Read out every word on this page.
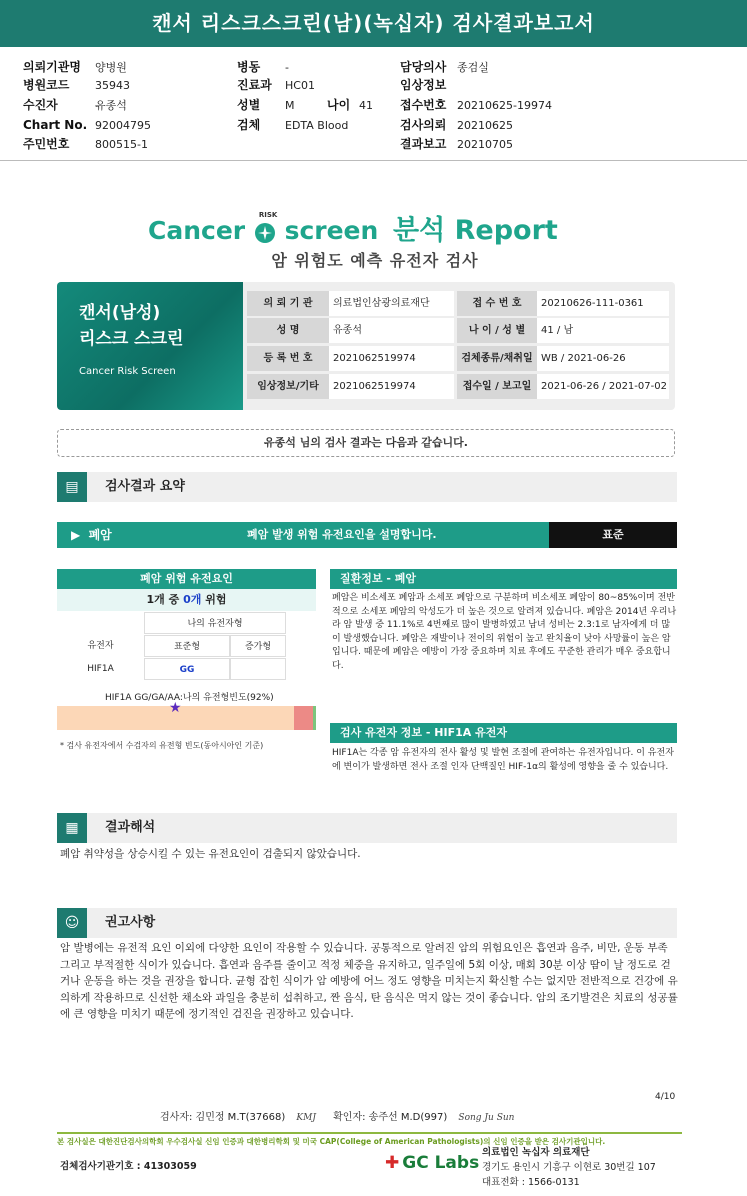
캔서 리스크스크린(남)(녹십자) 검사결과보고서
의뢰기관명 양병원
병원코드 35943
수진자	유종석
Chart No. 92004795
주민번호 800515-1
병동 -
진료과 HC01
성별 M	나이 41
검체 EDTA Blood
담당의사 종검실
임상정보
접수번호 20210625-19974
검사의뢰 20210625
결과보고 20210705
Cancer
RISK
screen 분석 Report
암 위험도 예측 유전자 검사
캔서(남성)
리스크 스크린
Cancer Risk Screen
의 뢰 기 관	의료법인삼광의료재단	접 수 번 호	20210626-111-0361
성 명	유종석	나 이 / 성 별	41 / 남
등 록 번 호	2021062519974	검체종류/채취일 WB / 2021-06-26
임상정보/기타	2021062519974	접수일 / 보고일 2021-06-26 / 2021-07-02
유종석 님의 검사 결과는 다음과 같습니다.
▤	검사결과 요약
▶ 폐암	폐암 발생 위험 유전요인을 설명합니다.	표준
폐암 위험 유전요인
1개 중 0개 위험
나의 유전자형
유전자	표준형	증가형
HIF1A	GG
HIF1A GG/GA/AA:나의 유전형빈도(92%)
★
* 검사 유전자에서 수검자의 유전형 빈도(동아시아인 기준)
질환정보 - 폐암
폐암은 비소세포 폐암과 소세포 폐암으로 구분하며 비소세포 폐암이 80~85%이며 전반적으로 소세포 폐암의 악성도가 더 높은 것으로 알려져 있습니다. 폐암은 2014년 우리나라 암 발생 중 11.1%로 4번째로 많이 발병하였고 남녀 성비는 2.3:1로 남자에게 더 많이 발생했습니다. 폐암은 재발이나 전이의 위험이 높고 완치율이 낮아 사망률이 높은 암입니다. 때문에 폐암은 예방이 가장 중요하며 치료 후에도 꾸준한 관리가 매우 중요합니다.
검사 유전자 정보 - HIF1A 유전자
HIF1A는 각종 암 유전자의 전사 활성 및 발현 조절에 관여하는 유전자입니다. 이 유전자에 변이가 발생하면 전사 조절 인자 단백질인 HIF-1α의 활성에 영향을 줄 수 있습니다.
▦	결과해석
폐암 취약성을 상승시킬 수 있는 유전요인이 검출되지 않았습니다.
☺	권고사항
암 발병에는 유전적 요인 이외에 다양한 요인이 작용할 수 있습니다. 공통적으로 알려진 암의 위험요인은 흡연과 음주, 비만, 운동 부족 그리고 부적절한 식이가 있습니다. 흡연과 음주를 줄이고 적정 체중을 유지하고, 일주일에 5회 이상, 매회 30분 이상 땀이 날 정도로 걷거나 운동을 하는 것을 권장을 합니다. 균형 잡힌 식이가 암 예방에 어느 정도 영향을 미치는지 확신할 수는 없지만 전반적으로 건강에 유의하게 작용하므로 신선한 채소와 과일을 충분히 섭취하고, 짠 음식, 탄 음식은 먹지 않는 것이 좋습니다. 암의 조기발견은 치료의 성공률에 큰 영향을 미치기 때문에 정기적인 검진을 권장하고 있습니다.
4/10
검사자: 김민정 M.T(37668) KMJ 확인자: 송주선 M.D(997) Song Ju Sun
본 검사실은 대한진단검사의학회 우수검사실 신임 인증과 대한병리학회 및 미국 CAP(College of American Pathologists)의 신임 인증을 받은 검사기관입니다.
검체검사기관기호 : 41303059	✚ GC Labs
의료법인 녹십자 의료재단
경기도 용인시 기흥구 이현로 30번길 107
대표전화 : 1566-0131
